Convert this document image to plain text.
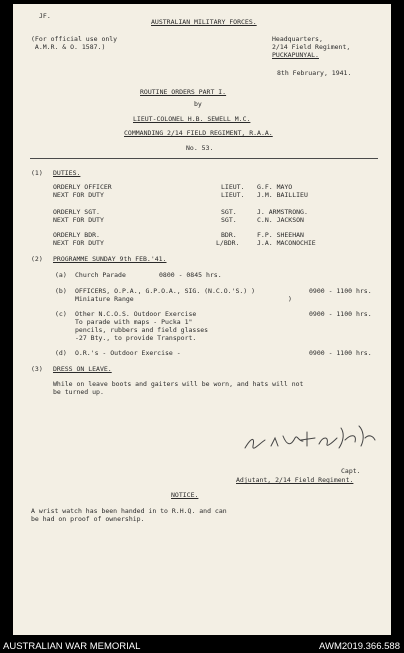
JF.
AUSTRALIAN MILITARY FORCES.
(For official use only
A.M.R. & O. 1587.)
Headquarters,
2/14 Field Regiment,
PUCKAPUNYAL.
8th February, 1941.
ROUTINE ORDERS PART I.
by
LIEUT-COLONEL H.B. SEWELL M.C.
COMMANDING 2/14 FIELD REGIMENT, R.A.A.
No. 53.
(1) DUTIES.
ORDERLY OFFICER	LIEUT. G.F. MAYO
NEXT FOR DUTY	LIEUT. J.M. BAILLIEU
ORDERLY SGT.	SGT.	J. ARMSTRONG.
NEXT FOR DUTY	SGT.	C.N. JACKSON
ORDERLY BDR.	BDR.	F.P. SHEEHAN
NEXT FOR DUTY	L/BDR.	J.A. MACONOCHIE
(2) PROGRAMME SUNDAY 9th FEB.'41.
(a) Church Parade	0800 - 0845 hrs.
(b) OFFICERS, O.P.A., G.P.O.A., SIG. (N.C.O.'S.) )
Miniature Range	)
0900 - 1100 hrs.
(c) Other N.C.O.S. Outdoor Exercise
To parade with maps - Pucka 1"
pencils, rubbers and field glasses
-27 Bty., to provide Transport.
0900 - 1100 hrs.
(d) O.R.'s - Outdoor Exercise -	0900 - 1100 hrs.
(3) DRESS ON LEAVE.
While on leave boots and gaiters will be worn, and hats will not
be turned up.
Capt.
Adjutant, 2/14 Field Regiment.
NOTICE.
A wrist watch has been handed in to R.H.Q. and can
be had on proof of ownership.
AUSTRALIAN WAR MEMORIAL	AWM2019.366.588
